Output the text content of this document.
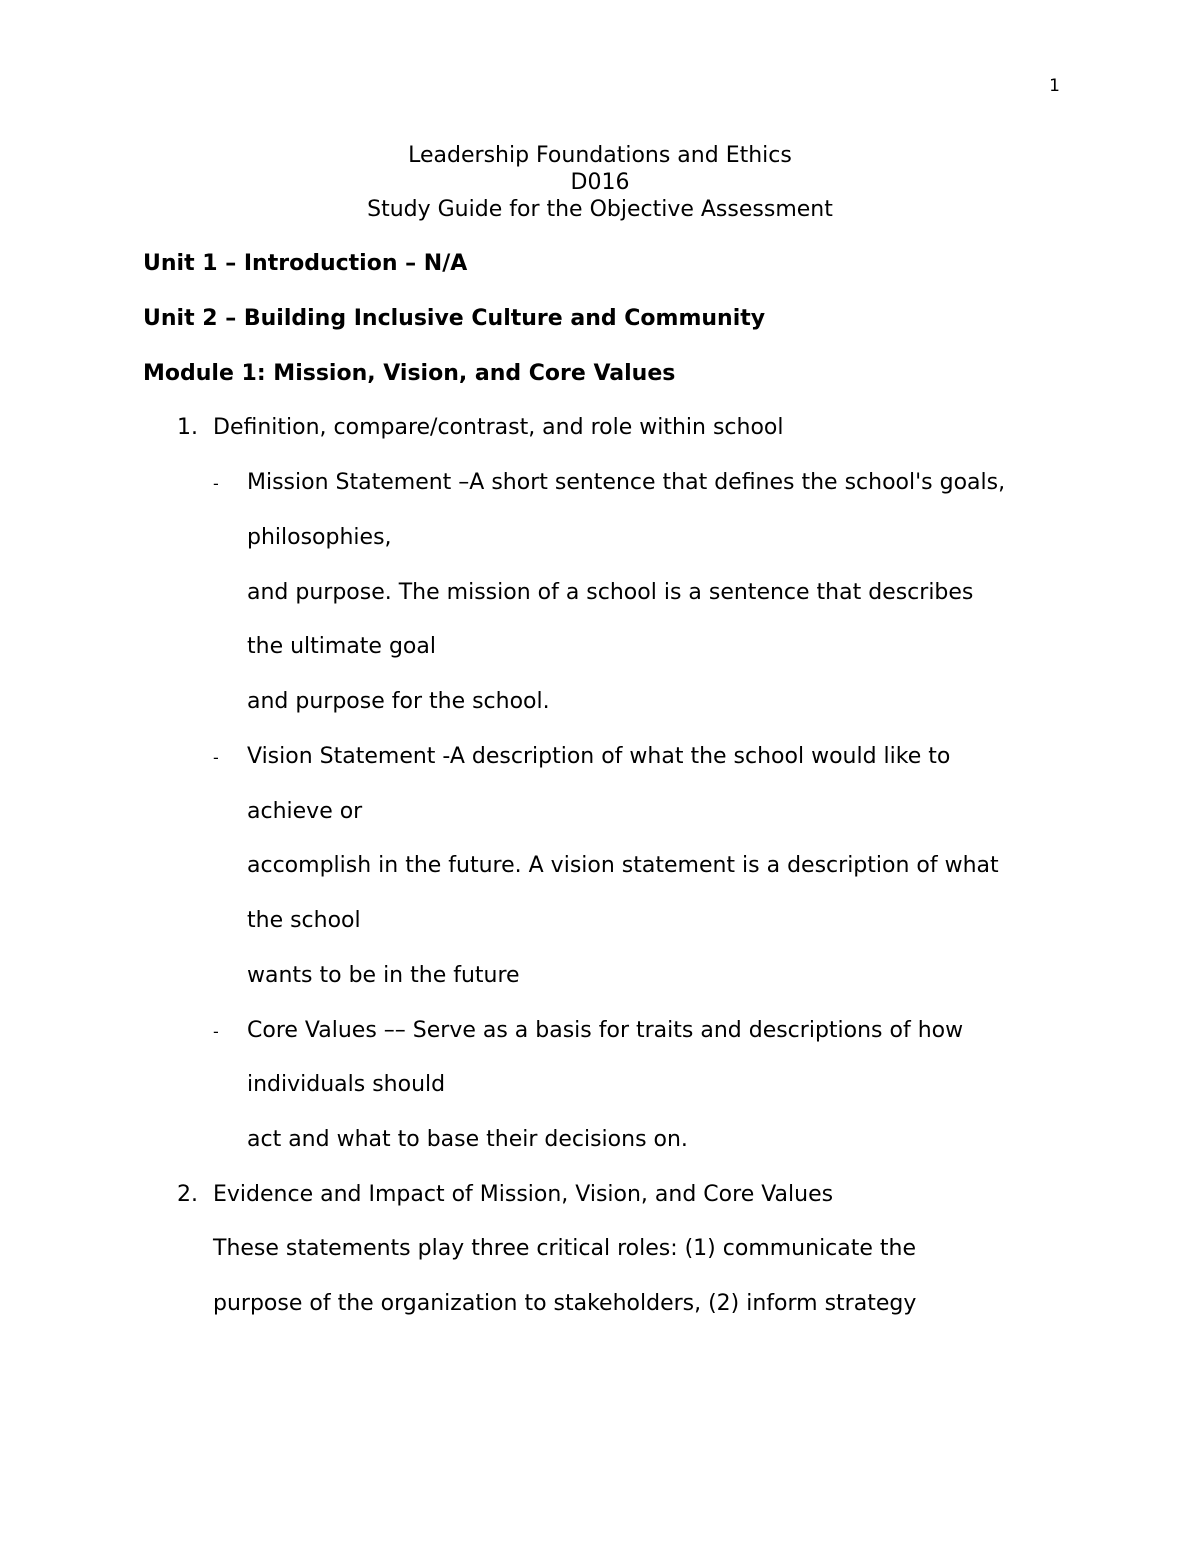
1
Leadership Foundations and Ethics
D016
Study Guide for the Objective Assessment
Unit 1 – Introduction – N/A
Unit 2 – Building Inclusive Culture and Community
Module 1: Mission, Vision, and Core Values
1. Definition, compare/contrast, and role within school
- Mission Statement –A short sentence that defines the school's goals,
philosophies,
and purpose. The mission of a school is a sentence that describes
the ultimate goal
and purpose for the school.
- Vision Statement -A description of what the school would like to
achieve or
accomplish in the future. A vision statement is a description of what
the school
wants to be in the future
- Core Values –– Serve as a basis for traits and descriptions of how
individuals should
act and what to base their decisions on.
2. Evidence and Impact of Mission, Vision, and Core Values
These statements play three critical roles: (1) communicate the
purpose of the organization to stakeholders, (2) inform strategy
